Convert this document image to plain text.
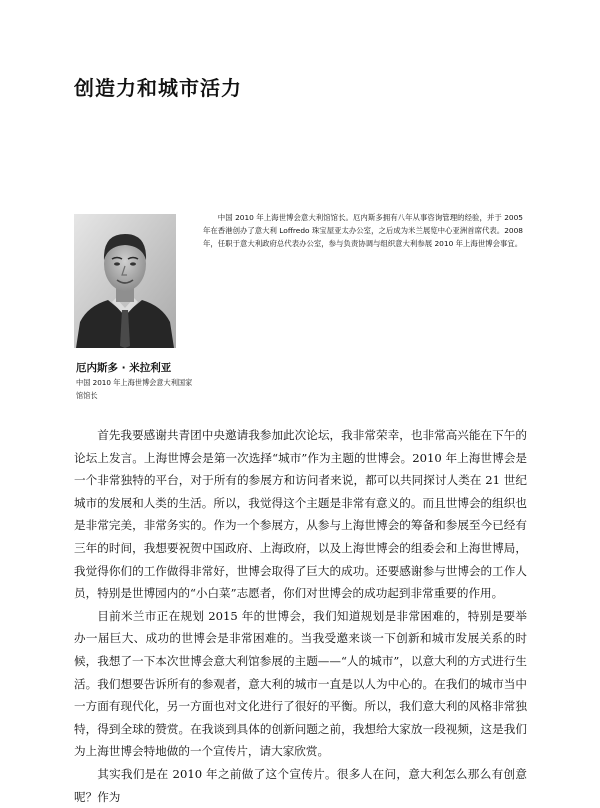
创造力和城市活力
中国 2010 年上海世博会意大利馆馆长。厄内斯多拥有八年从事咨询管理的经验，并于 2005 年在香港创办了意大利 Loffredo 珠宝屋亚太办公室，之后成为米兰展览中心亚洲首席代表。2008 年，任职于意大利政府总代表办公室，参与负责协调与组织意大利参展 2010 年上海世博会事宜。
厄内斯多 · 米拉利亚
中国 2010 年上海世博会意大利国家馆馆长

首先我要感谢共青团中央邀请我参加此次论坛，我非常荣幸，也非常高兴能在下午的论坛上发言。上海世博会是第一次选择“城市”作为主题的世博会。2010 年上海世博会是一个非常独特的平台，对于所有的参展方和访问者来说，都可以共同探讨人类在 21 世纪城市的发展和人类的生活。所以，我觉得这个主题是非常有意义的。而且世博会的组织也是非常完美，非常务实的。作为一个参展方，从参与上海世博会的筹备和参展至今已经有三年的时间，我想要祝贺中国政府、上海政府，以及上海世博会的组委会和上海世博局，我觉得你们的工作做得非常好，世博会取得了巨大的成功。还要感谢参与世博会的工作人员，特别是世博园内的“小白菜”志愿者，你们对世博会的成功起到非常重要的作用。

目前米兰市正在规划 2015 年的世博会，我们知道规划是非常困难的，特别是要举办一届巨大、成功的世博会是非常困难的。当我受邀来谈一下创新和城市发展关系的时候，我想了一下本次世博会意大利馆参展的主题——“人的城市”，以意大利的方式进行生活。我们想要告诉所有的参观者，意大利的城市一直是以人为中心的。在我们的城市当中一方面有现代化，另一方面也对文化进行了很好的平衡。所以，我们意大利的风格非常独特，得到全球的赞赏。在我谈到具体的创新问题之前，我想给大家放一段视频，这是我们为上海世博会特地做的一个宣传片，请大家欣赏。

其实我们是在 2010 年之前做了这个宣传片。很多人在问，意大利怎么那么有创意呢？作为
